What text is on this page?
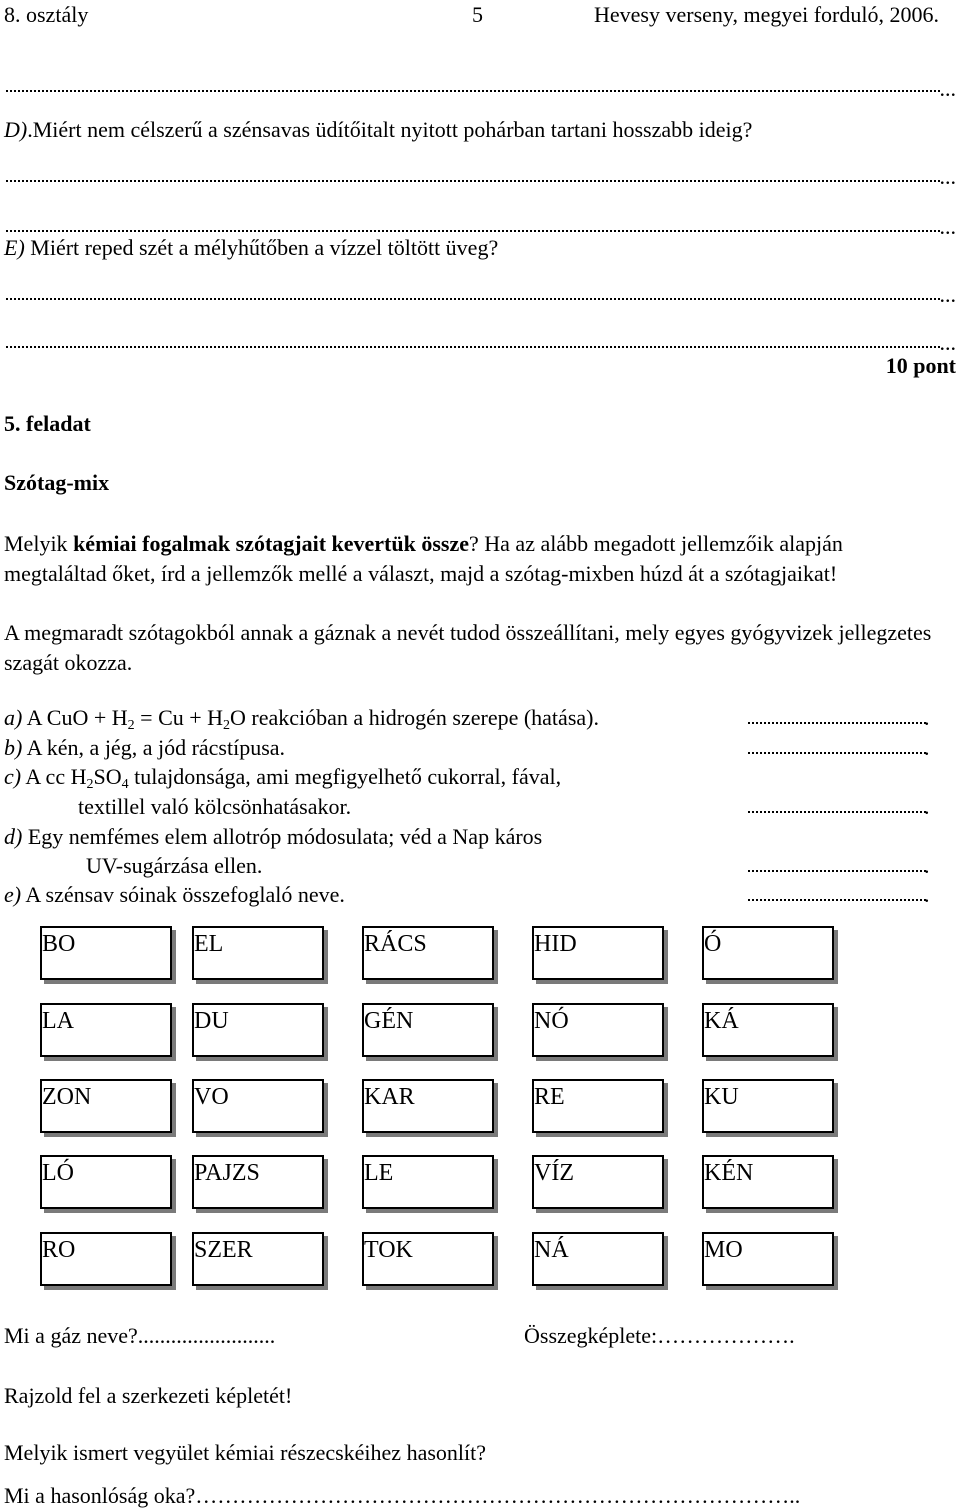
8. osztály	5	Hevesy verseny, megyei forduló, 2006.
...
D).Miért nem célszerű a szénsavas üdítőitalt nyitott pohárban tartani hosszabb ideig?
...
...
E) Miért reped szét a mélyhűtőben a vízzel töltött üveg?
...
...
10 pont
5. feladat
Szótag-mix
Melyik kémiai fogalmak szótagjait kevertük össze? Ha az alább megadott jellemzőik alapján megtaláltad őket, írd a jellemzők mellé a választ, majd a szótag-mixben húzd át a szótagjaikat!
A megmaradt szótagokból annak a gáznak a nevét tudod összeállítani, mely egyes gyógyvizek jellegzetes szagát okozza.
a) A CuO + $H_2 = Cu + H_2O$ reakcióban a hidrogén szerepe (hatása).	.
b) A kén, a jég, a jód rácstípusa.	.
c) A cc $H_2SO_4$ tulajdonsága, ami megfigyelhető cukorral, fával,
textillel való kölcsönhatásakor.	.
d) Egy nemfémes elem allotróp módosulata; véd a Nap káros
UV-sugárzása ellen.	.
e) A szénsav sóinak összefoglaló neve.	.
BO	EL	RÁCS	HID	Ó
LA	DU	GÉN	NÓ	KÁ
ZON	VO	KAR	RE	KU
LÓ	PAJZS	LE	VÍZ	KÉN
RO	SZER	TOK	NÁ	MO
Mi a gáz neve?.........................	Összegképlete:……………….
Rajzold fel a szerkezeti képletét!
Melyik ismert vegyület kémiai részecskéihez hasonlít?
Mi a hasonlóság oka?………………………………………………………………………..
